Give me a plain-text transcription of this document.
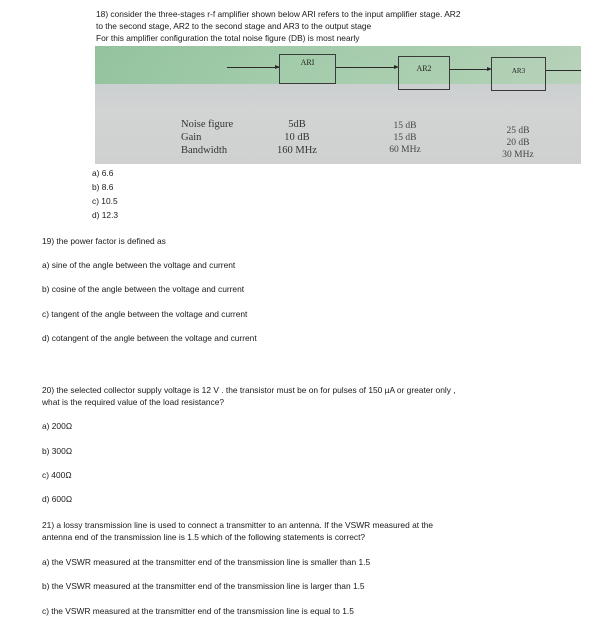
18) consider the three-stages r-f amplifier shown below ARI refers to the input amplifier stage. AR2
to the second stage, AR2 to the second stage and AR3 to the output stage
For this amplifier configuration the total noise figure (DB) is most nearly
ARI
AR2	AR3
Noise figure
Gain
Bandwidth
5dB
10 dB
160 MHz
15 dB
15 dB
60 MHz
25 dB
20 dB
30 MHz
a) 6.6
b) 8.6
c) 10.5
d) 12.3
19) the power factor is defined as
a) sine of the angle between the voltage and current
b) cosine of the angle between the voltage and current
c) tangent of the angle between the voltage and current
d) cotangent of the angle between the voltage and current
20) the selected collector supply voltage is 12 V . the transistor must be on for pulses of 150 µA or greater only ,
what is the required value of the load resistance?
a) 200Ω
b) 300Ω
c) 400Ω
d) 600Ω
21) a lossy transmission line is used to connect a transmitter to an antenna. If the VSWR measured at the
antenna end of the transmission line is 1.5 which of the following statements is correct?
a) the VSWR measured at the transmitter end of the transmission line is smaller than 1.5
b) the VSWR measured at the transmitter end of the transmission line is larger than 1.5
c) the VSWR measured at the transmitter end of the transmission line is equal to 1.5
